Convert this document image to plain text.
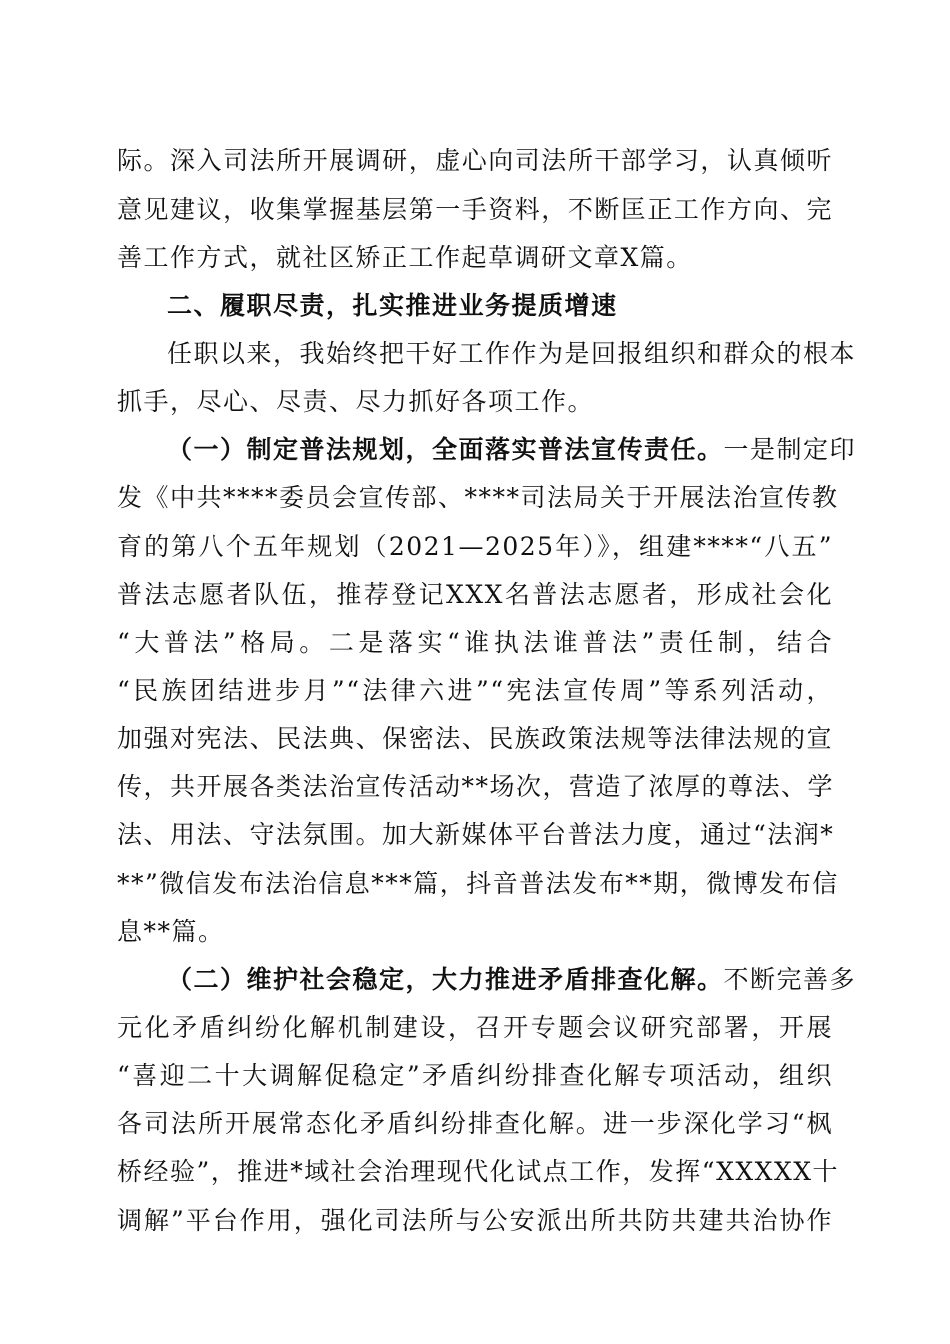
际。深入司法所开展调研，虚心向司法所干部学习，认真倾听
意见建议，收集掌握基层第一手资料，不断匡正工作方向、完
善工作方式，就社区矫正工作起草调研文章X篇。
二、履职尽责，扎实推进业务提质增速
任职以来，我始终把干好工作作为是回报组织和群众的根本
抓手，尽心、尽责、尽力抓好各项工作。
（一）制定普法规划，全面落实普法宣传责任。一是制定印
发《中共****委员会宣传部、****司法局关于开展法治宣传教
育的第八个五年规划（2021—2025年）》，组建****“八五”
普法志愿者队伍，推荐登记XXX名普法志愿者，形成社会化
“大普法”格局。二是落实“谁执法谁普法”责任制，结合
“民族团结进步月”“法律六进”“宪法宣传周”等系列活动，
加强对宪法、民法典、保密法、民族政策法规等法律法规的宣
传，共开展各类法治宣传活动**场次，营造了浓厚的尊法、学
法、用法、守法氛围。加大新媒体平台普法力度，通过“法润*
**”微信发布法治信息***篇，抖音普法发布**期，微博发布信
息**篇。
（二）维护社会稳定，大力推进矛盾排查化解。不断完善多
元化矛盾纠纷化解机制建设，召开专题会议研究部署，开展
“喜迎二十大调解促稳定”矛盾纠纷排查化解专项活动，组织
各司法所开展常态化矛盾纠纷排查化解。进一步深化学习“枫
桥经验”，推进*域社会治理现代化试点工作，发挥“XXXXX十
调解”平台作用，强化司法所与公安派出所共防共建共治协作
